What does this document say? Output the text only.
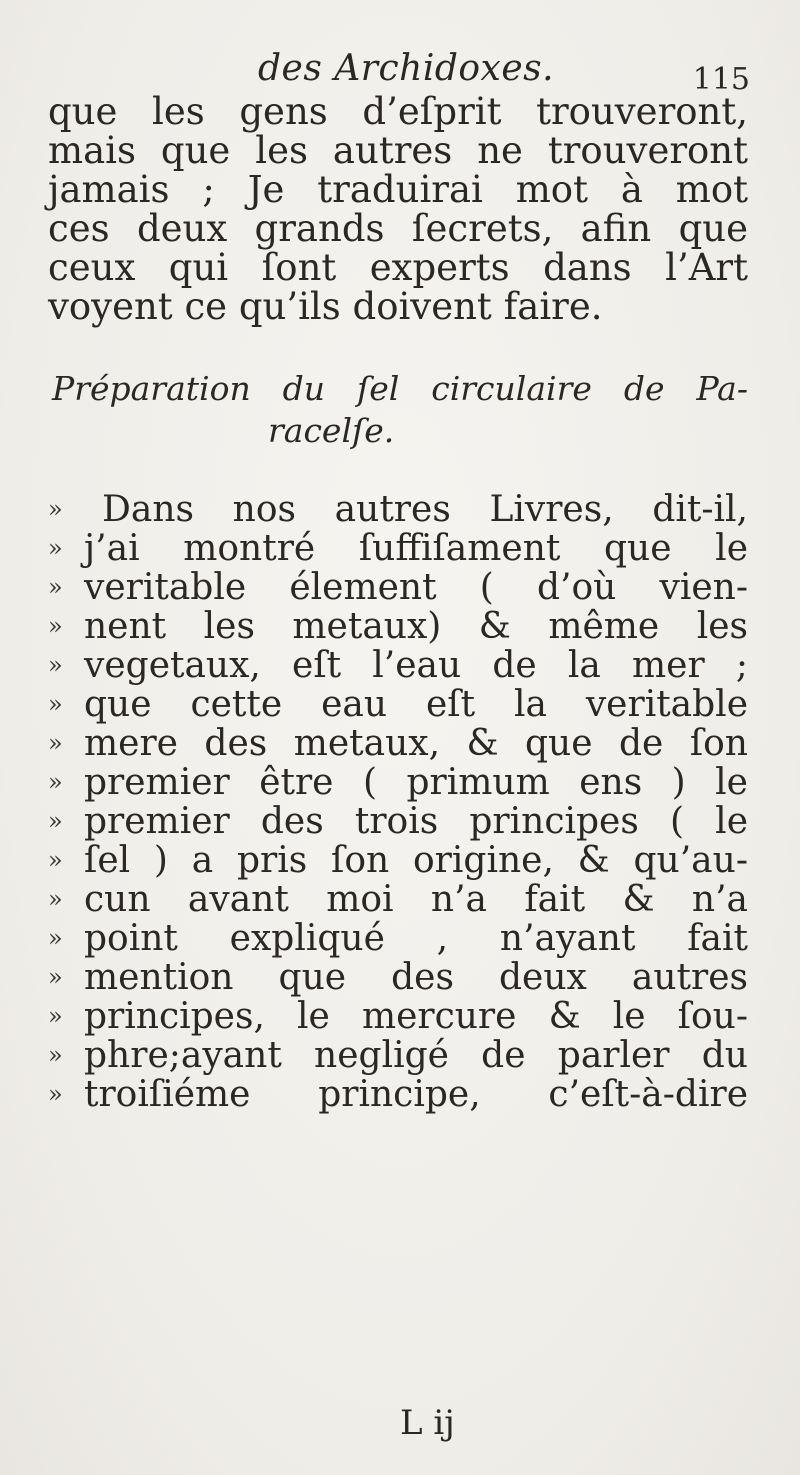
des Archidoxes.	115
que les gens d’eſprit trouveront,
mais que les autres ne trouveront
jamais ; Je traduirai mot à mot
ces deux grands ſecrets, afin que
ceux qui ſont experts dans l’Art
voyent ce qu’ils doivent faire.
Préparation du ſel circulaire de Pa-
racelſe.
»	Dans nos autres Livres, dit-il,
» j’ai montré ſuffiſament que le
» veritable élement ( d’où vien-
» nent les metaux) & même les
» vegetaux, eſt l’eau de la mer ;
» que cette eau eſt la veritable
» mere des metaux, & que de ſon
» premier être ( primum ens ) le
» premier des trois principes ( le
» ſel ) a pris ſon origine, & qu’au-
» cun avant moi n’a fait & n’a
» point expliqué , n’ayant fait
» mention que des deux autres
» principes, le mercure & le ſou-
» phre;ayant negligé de parler du
» troiſiéme principe, c’eſt-à-dire
L ij
